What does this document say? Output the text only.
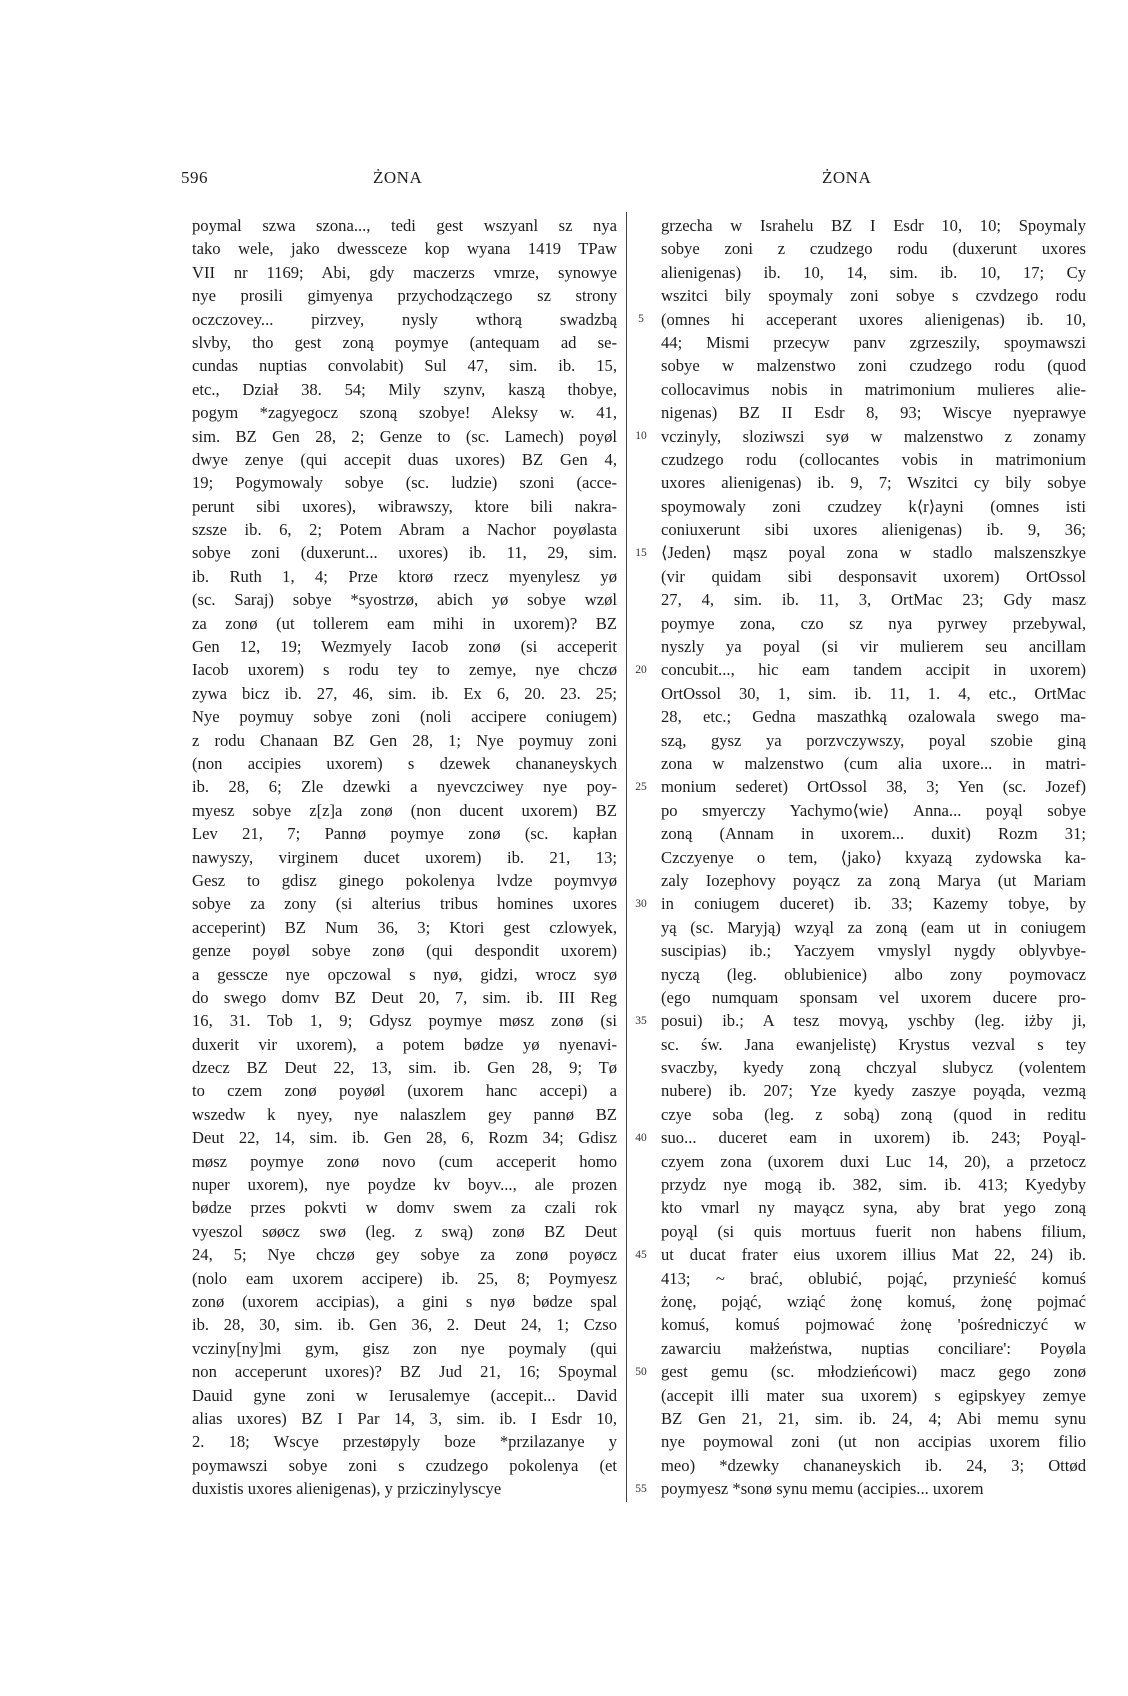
596	ŻONA	ŻONA
poymal szwa szona..., tedi gest wszyanl sz nya
tako wele, jako dwessceze kop wyana 1419 TPaw
VII nr 1169; Abi, gdy maczerzs vmrze, synowye
nye prosili gimyenya przychodzączego sz strony
oczczovey... pirzvey, nysly wthorą swadzbą
slvby, tho gest zoną poymye (antequam ad se-
cundas nuptias convolabit) Sul 47, sim. ib. 15,
etc., Dział 38. 54; Mily szynv, kaszą thobye,
pogym *zagyegocz szoną szobye! Aleksy w. 41,
sim. BZ Gen 28, 2; Genze to (sc. Lamech) poyøl
dwye zenye (qui accepit duas uxores) BZ Gen 4,
19; Pogymowaly sobye (sc. ludzie) szoni (acce-
perunt sibi uxores), wibrawszy, ktore bili nakra-
szsze ib. 6, 2; Potem Abram a Nachor poyølasta
sobye zoni (duxerunt... uxores) ib. 11, 29, sim.
ib. Ruth 1, 4; Prze ktorø rzecz myenylesz yø
(sc. Saraj) sobye *syostrzø, abich yø sobye wzøl
za zonø (ut tollerem eam mihi in uxorem)? BZ
Gen 12, 19; Wezmyely Iacob zonø (si acceperit
Iacob uxorem) s rodu tey to zemye, nye chczø
zywa bicz ib. 27, 46, sim. ib. Ex 6, 20. 23. 25;
Nye poymuy sobye zoni (noli accipere coniugem)
z rodu Chanaan BZ Gen 28, 1; Nye poymuy zoni
(non accipies uxorem) s dzewek chananeyskych
ib. 28, 6; Zle dzewki a nyevczciwey nye poy-
myesz sobye z[z]a zonø (non ducent uxorem) BZ
Lev 21, 7; Pannø poymye zonø (sc. kapłan
nawyszy, virginem ducet uxorem) ib. 21, 13;
Gesz to gdisz ginego pokolenya lvdze poymvyø
sobye za zony (si alterius tribus homines uxores
acceperint) BZ Num 36, 3; Ktori gest czlowyek,
genze poyøl sobye zonø (qui despondit uxorem)
a gesscze nye opczowal s nyø, gidzi, wrocz syø
do swego domv BZ Deut 20, 7, sim. ib. III Reg
16, 31. Tob 1, 9; Gdysz poymye møsz zonø (si
duxerit vir uxorem), a potem bødze yø nyenavi-
dzecz BZ Deut 22, 13, sim. ib. Gen 28, 9; Tø
to czem zonø poyøøl (uxorem hanc accepi) a
wszedw k nyey, nye nalaszlem gey pannø BZ
Deut 22, 14, sim. ib. Gen 28, 6, Rozm 34; Gdisz
møsz poymye zonø novo (cum acceperit homo
nuper uxorem), nye poydze kv boyv..., ale prozen
bødze przes pokvti w domv swem za czali rok
vyeszol søøcz swø (leg. z swą) zonø BZ Deut
24, 5; Nye chczø gey sobye za zonø poyøcz
(nolo eam uxorem accipere) ib. 25, 8; Poymyesz
zonø (uxorem accipias), a gini s nyø bødze spal
ib. 28, 30, sim. ib. Gen 36, 2. Deut 24, 1; Czso
vcziny[ny]mi gym, gisz zon nye poymaly (qui
non acceperunt uxores)? BZ Jud 21, 16; Spoymal
Dauid gyne zoni w Ierusalemye (accepit... David
alias uxores) BZ I Par 14, 3, sim. ib. I Esdr 10,
2. 18; Wscye przestøpyly boze *przilazanye y
poymawszi sobye zoni s czudzego pokolenya (et
duxistis uxores alienigenas), y prziczinylyscye
5
10
15
20
25
30
35
40
45
50
55
grzecha w Israhelu BZ I Esdr 10, 10; Spoymaly
sobye zoni z czudzego rodu (duxerunt uxores
alienigenas) ib. 10, 14, sim. ib. 10, 17; Cy
wszitci bily spoymaly zoni sobye s czvdzego rodu
(omnes hi acceperant uxores alienigenas) ib. 10,
44; Mismi przecyw panv zgrzeszily, spoymawszi
sobye w malzenstwo zoni czudzego rodu (quod
collocavimus nobis in matrimonium mulieres alie-
nigenas) BZ II Esdr 8, 93; Wiscye nyeprawye
vczinyly, sloziwszi syø w malzenstwo z zonamy
czudzego rodu (collocantes vobis in matrimonium
uxores alienigenas) ib. 9, 7; Wszitci cy bily sobye
spoymowaly zoni czudzey k⟨r⟩ayni (omnes isti
coniuxerunt sibi uxores alienigenas) ib. 9, 36;
⟨Jeden⟩ mąsz poyal zona w stadlo malszenszkye
(vir quidam sibi desponsavit uxorem) OrtOssol
27, 4, sim. ib. 11, 3, OrtMac 23; Gdy masz
poymye zona, czo sz nya pyrwey przebywal,
nyszly ya poyal (si vir mulierem seu ancillam
concubit..., hic eam tandem accipit in uxorem)
OrtOssol 30, 1, sim. ib. 11, 1. 4, etc., OrtMac
28, etc.; Gedna maszathką ozalowala swego ma-
szą, gysz ya porzvczywszy, poyal szobie giną
zona w malzenstwo (cum alia uxore... in matri-
monium sederet) OrtOssol 38, 3; Yen (sc. Jozef)
po smyerczy Yachymo⟨wie⟩ Anna... poyąl sobye
zoną (Annam in uxorem... duxit) Rozm 31;
Czczyenye o tem, ⟨jako⟩ kxyazą zydowska ka-
zaly Iozephovy poyącz za zoną Marya (ut Mariam
in coniugem duceret) ib. 33; Kazemy tobye, by
yą (sc. Maryją) wzyąl za zoną (eam ut in coniugem
suscipias) ib.; Yaczyem vmyslyl nygdy oblyvbye-
nyczą (leg. oblubienice) albo zony poymovacz
(ego numquam sponsam vel uxorem ducere pro-
posui) ib.; A tesz movyą, yschby (leg. iżby ji,
sc. św. Jana ewanjelistę) Krystus vezval s tey
svaczby, kyedy zoną chczyal slubycz (volentem
nubere) ib. 207; Yze kyedy zaszye poyąda, vezmą
czye soba (leg. z sobą) zoną (quod in reditu
suo... duceret eam in uxorem) ib. 243; Poyąl-
czyem zona (uxorem duxi Luc 14, 20), a przetocz
przydz nye mogą ib. 382, sim. ib. 413; Kyedyby
kto vmarl ny mayącz syna, aby brat yego zoną
poyąl (si quis mortuus fuerit non habens filium,
ut ducat frater eius uxorem illius Mat 22, 24) ib.
413; ~ brać, oblubić, pojąć, przynieść komuś
żonę, pojąć, wziąć żonę komuś, żonę pojmać
komuś, komuś pojmować żonę 'pośredniczyć w
zawarciu małżeństwa, nuptias conciliare': Poyøla
gest gemu (sc. młodzieńcowi) macz gego zonø
(accepit illi mater sua uxorem) s egipskyey zemye
BZ Gen 21, 21, sim. ib. 24, 4; Abi memu synu
nye poymowal zoni (ut non accipias uxorem filio
meo) *dzewky chananeyskich ib. 24, 3; Ottød
poymyesz *sonø synu memu (accipies... uxorem
